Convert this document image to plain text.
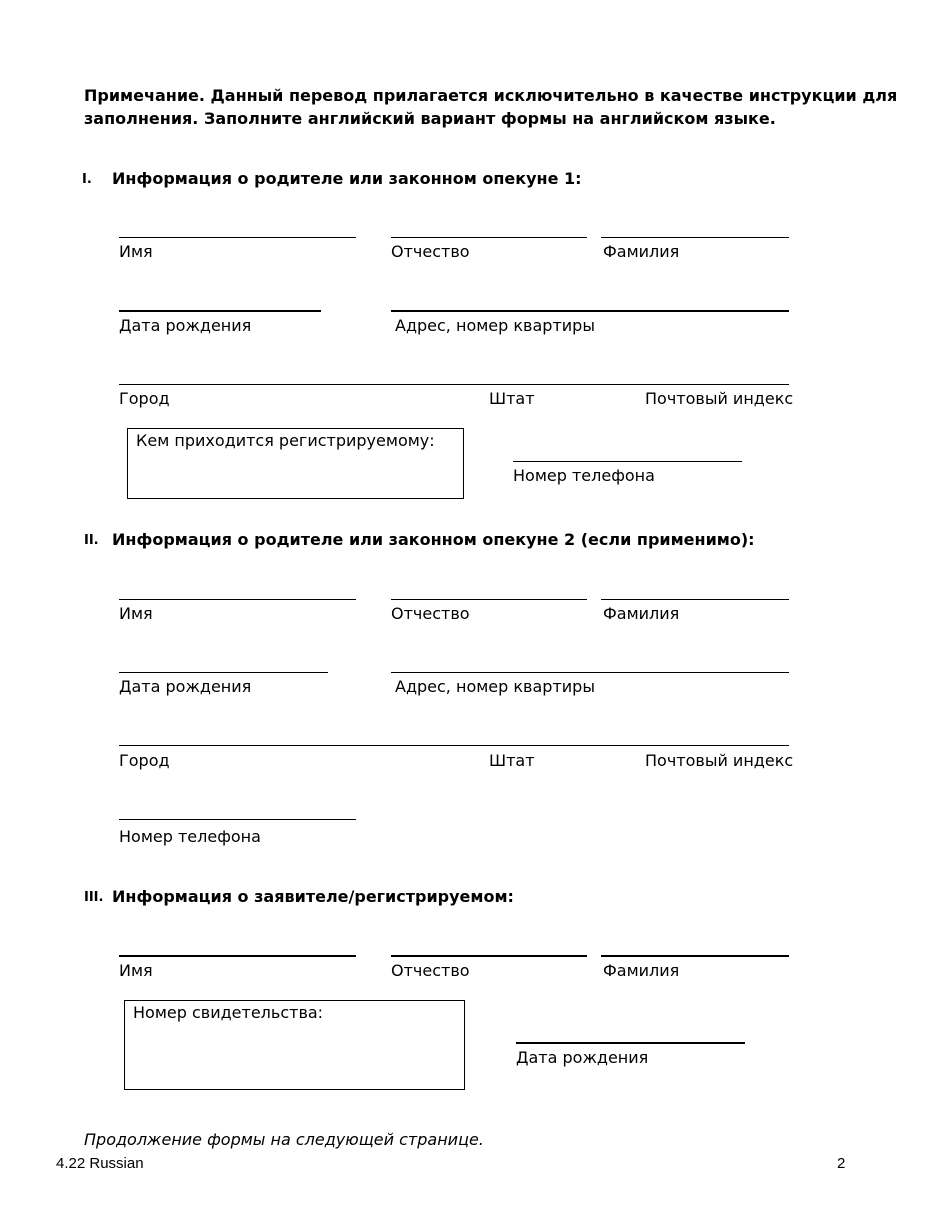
Примечание. Данный перевод прилагается исключительно в качестве инструкции для
заполнения. Заполните английский вариант формы на английском языке.
I. Информация о родителе или законном опекуне 1:
Имя	Отчество	Фамилия
Дата рождения	Адрес, номер квартиры
Город	Штат	Почтовый индекс
Кем приходится регистрируемому:
Номер телефона
II. Информация о родителе или законном опекуне 2 (если применимо):
Имя	Отчество	Фамилия
Дата рождения	Адрес, номер квартиры
Город	Штат	Почтовый индекс
Номер телефона
III. Информация о заявителе/регистрируемом:
Имя	Отчество	Фамилия
Номер свидетельства:
Дата рождения
Продолжение формы на следующей странице.
4.22 Russian	2
